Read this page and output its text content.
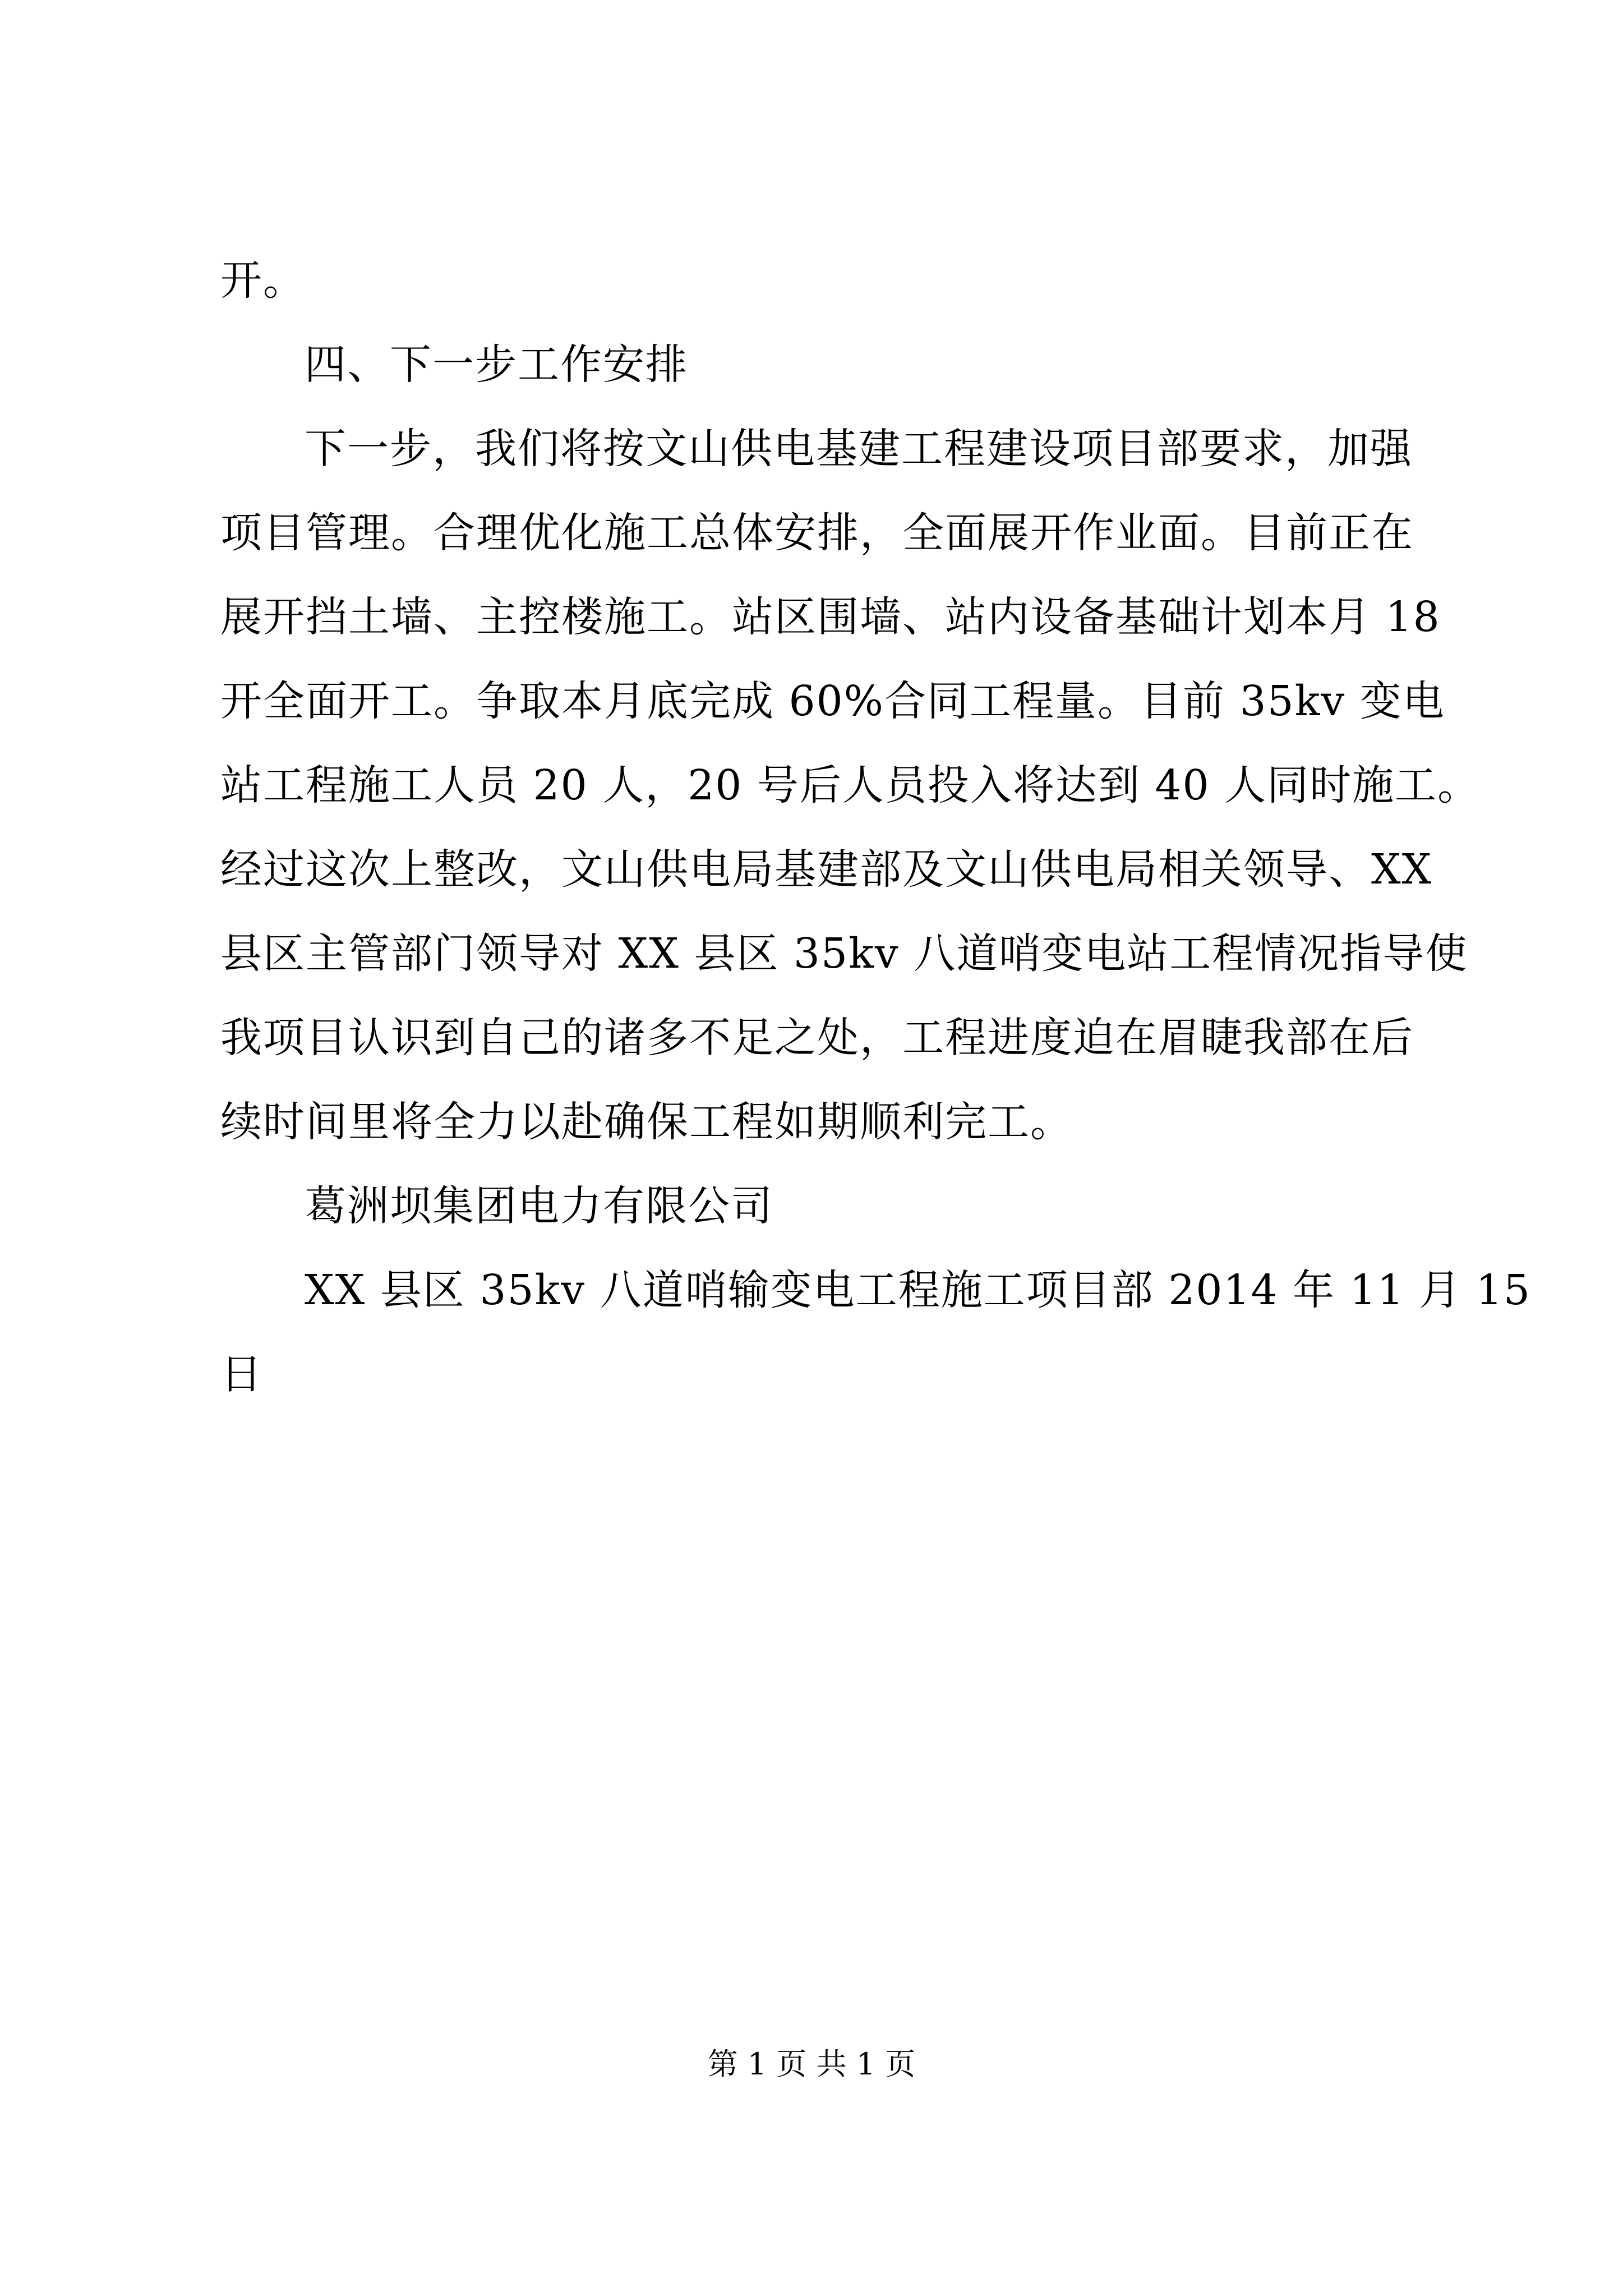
开。
四、下一步工作安排
下一步，我们将按文山供电基建工程建设项目部要求，加强
项目管理。合理优化施工总体安排，全面展开作业面。目前正在
展开挡土墙、主控楼施工。站区围墙、站内设备基础计划本月 18
开全面开工。争取本月底完成 60%合同工程量。目前 35kv 变电
站工程施工人员 20 人，20 号后人员投入将达到 40 人同时施工。
经过这次上整改，文山供电局基建部及文山供电局相关领导、XX
县区主管部门领导对 XX 县区 35kv 八道哨变电站工程情况指导使
我项目认识到自己的诸多不足之处，工程进度迫在眉睫我部在后
续时间里将全力以赴确保工程如期顺利完工。
葛洲坝集团电力有限公司
XX 县区 35kv 八道哨输变电工程施工项目部 2014 年 11 月 15
日
第 1 页 共 1 页
